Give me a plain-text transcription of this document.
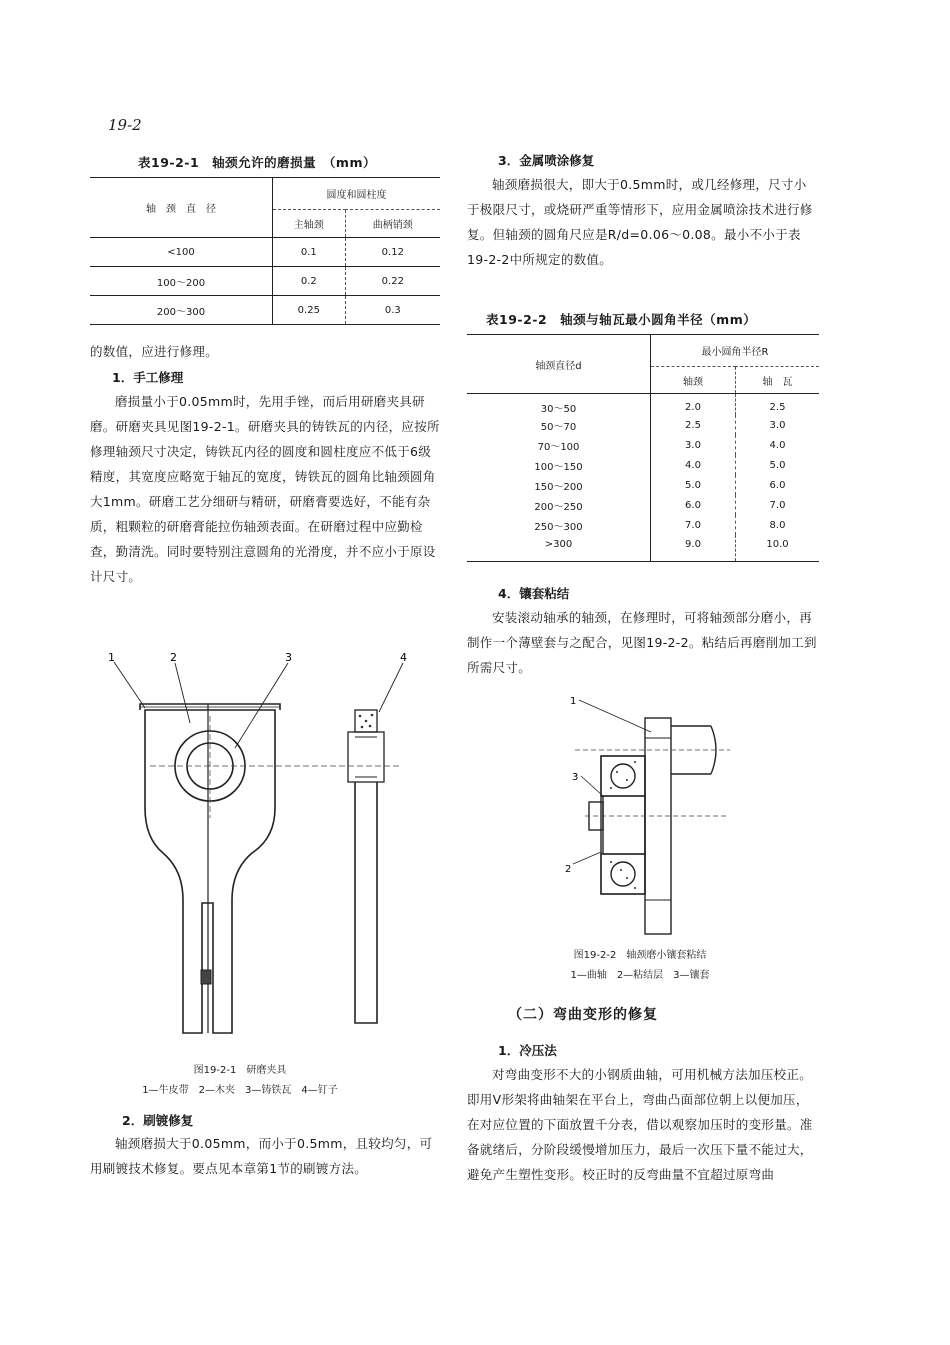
19-2
表19-2-1　轴颈允许的磨损量　（mm）
轴　颈　直　径	圆度和圆柱度	
	主轴颈	曲柄销颈
<100	0.1	0.12
100～200	0.2	0.22
200～300	0.25	0.3
的数值，应进行修理。
1．手工修理

磨损量小于0.05mm时，先用手锉，而后用研磨夹具研磨。研磨夹具见图19-2-1。研磨夹具的铸铁瓦的内径，应按所修理轴颈尺寸决定，铸铁瓦内径的圆度和圆柱度应不低于6级精度，其宽度应略宽于轴瓦的宽度，铸铁瓦的圆角比轴颈圆角大1mm。研磨工艺分细研与精研，研磨膏要选好，不能有杂质，粗颗粒的研磨膏能拉伤轴颈表面。在研磨过程中应勤检查，勤清洗。同时要特别注意圆角的光滑度，并不应小于原设计尺寸。

1	2	3	4
图19-2-1　研磨夹具
1—牛皮带　2—木夹　3—铸铁瓦　4—钉子
2．刷镀修复

轴颈磨损大于0.05mm，而小于0.5mm，且较均匀，可用刷镀技术修复。要点见本章第1节的刷镀方法。

3．金属喷涂修复

轴颈磨损很大，即大于0.5mm时，或几经修理，尺寸小于极限尺寸，或烧研严重等情形下，应用金属喷涂技术进行修复。但轴颈的圆角尺应是R/d=0.06～0.08。最小不小于表19-2-2中所规定的数值。

表19-2-2　轴颈与轴瓦最小圆角半径（mm）
轴颈直径d	最小圆角半径R	
	轴颈	轴　瓦
30～50	2.0	2.5
50～70	2.5	3.0
70～100	3.0	4.0
100～150	4.0	5.0
150～200	5.0	6.0
200～250	6.0	7.0
250～300	7.0	8.0
>300	9.0	10.0
4．镶套粘结

安装滚动轴承的轴颈，在修理时，可将轴颈部分磨小，再制作一个薄壁套与之配合，见图19-2-2。粘结后再磨削加工到所需尺寸。

1
3
2
图19-2-2　轴颈磨小镶套粘结
1—曲轴　2—粘结层　3—镶套
（二）弯曲变形的修复
1．冷压法

对弯曲变形不大的小钢质曲轴，可用机械方法加压校正。即用V形架将曲轴架在平台上，弯曲凸面部位朝上以便加压，在对应位置的下面放置千分表，借以观察加压时的变形量。准备就绪后，分阶段缓慢增加压力，最后一次压下量不能过大，避免产生塑性变形。校正时的反弯曲量不宜超过原弯曲
